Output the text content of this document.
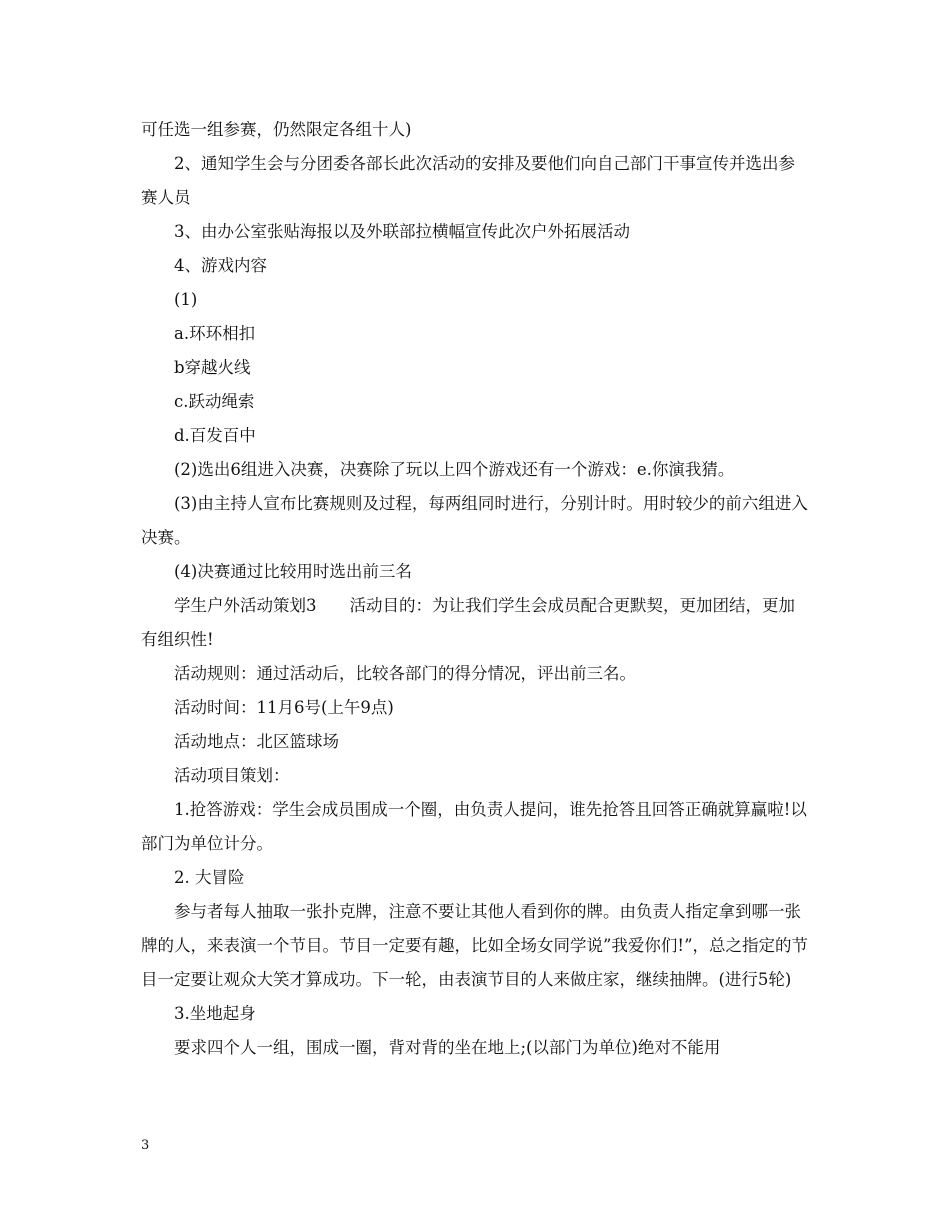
可任选一组参赛，仍然限定各组十人)

2、通知学生会与分团委各部长此次活动的安排及要他们向自己部门干事宣传并选出参赛人员

3、由办公室张贴海报以及外联部拉横幅宣传此次户外拓展活动

4、游戏内容

(1)

a.环环相扣

b穿越火线

c.跃动绳索

d.百发百中

(2)选出6组进入决赛，决赛除了玩以上四个游戏还有一个游戏：e.你演我猜。

(3)由主持人宣布比赛规则及过程，每两组同时进行，分别计时。用时较少的前六组进入决赛。

(4)决赛通过比较用时选出前三名

学生户外活动策划3　　活动目的：为让我们学生会成员配合更默契，更加团结，更加有组织性!

活动规则：通过活动后，比较各部门的得分情况，评出前三名。

活动时间：11月6号(上午9点)

活动地点：北区篮球场

活动项目策划：

1.抢答游戏：学生会成员围成一个圈，由负责人提问，谁先抢答且回答正确就算赢啦!以部门为单位计分。

2. 大冒险

参与者每人抽取一张扑克牌，注意不要让其他人看到你的牌。由负责人指定拿到哪一张牌的人，来表演一个节目。节目一定要有趣，比如全场女同学说”我爱你们!”，总之指定的节目一定要让观众大笑才算成功。下一轮，由表演节目的人来做庄家，继续抽牌。(进行5轮)

3.坐地起身

要求四个人一组，围成一圈，背对背的坐在地上;(以部门为单位)绝对不能用

3
